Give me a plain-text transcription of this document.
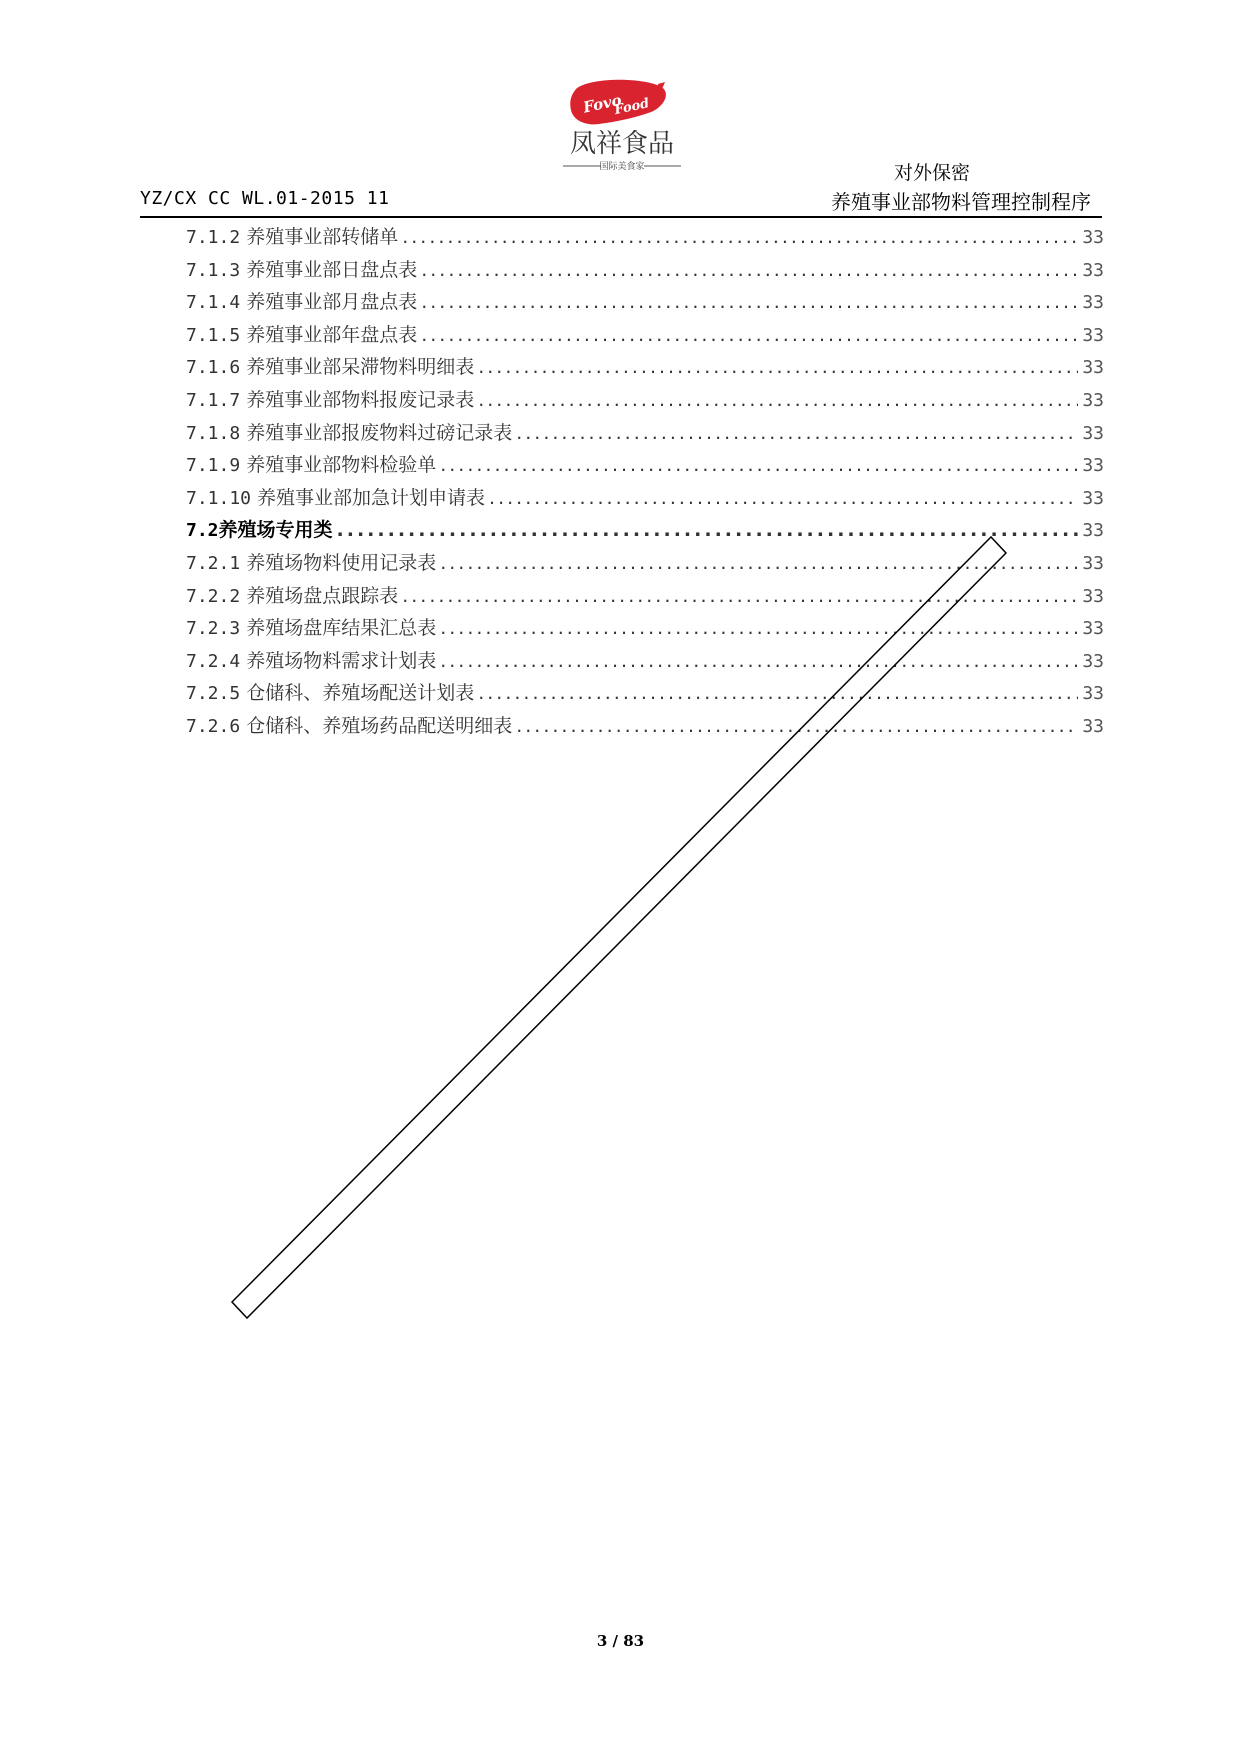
Fovo
Food
凤祥食品
国际美食家	对外保密
YZ/CX CC WL.01-2015 11	养殖事业部物料管理控制程序
7.1.2 养殖事业部转储单 .....	33
7.1.3 养殖事业部日盘点表 .....	33
7.1.4 养殖事业部月盘点表 .....	33
7.1.5 养殖事业部年盘点表 .....	33
7.1.6 养殖事业部呆滞物料明细表 .....	33
7.1.7 养殖事业部物料报废记录表 .....	33
7.1.8 养殖事业部报废物料过磅记录表 .....	33
7.1.9 养殖事业部物料检验单 .....	33
7.1.10 养殖事业部加急计划申请表 .....	33
7.2 养殖场专用类 .....	33
7.2.1 养殖场物料使用记录表 .....	33
7.2.2 养殖场盘点跟踪表 .....	33
7.2.3 养殖场盘库结果汇总表 .....	33
7.2.4 养殖场物料需求计划表 .....	33
7.2.5 仓储科、养殖场配送计划表 .....	33
7.2.6 仓储科、养殖场药品配送明细表 .....	33
3 / 83
